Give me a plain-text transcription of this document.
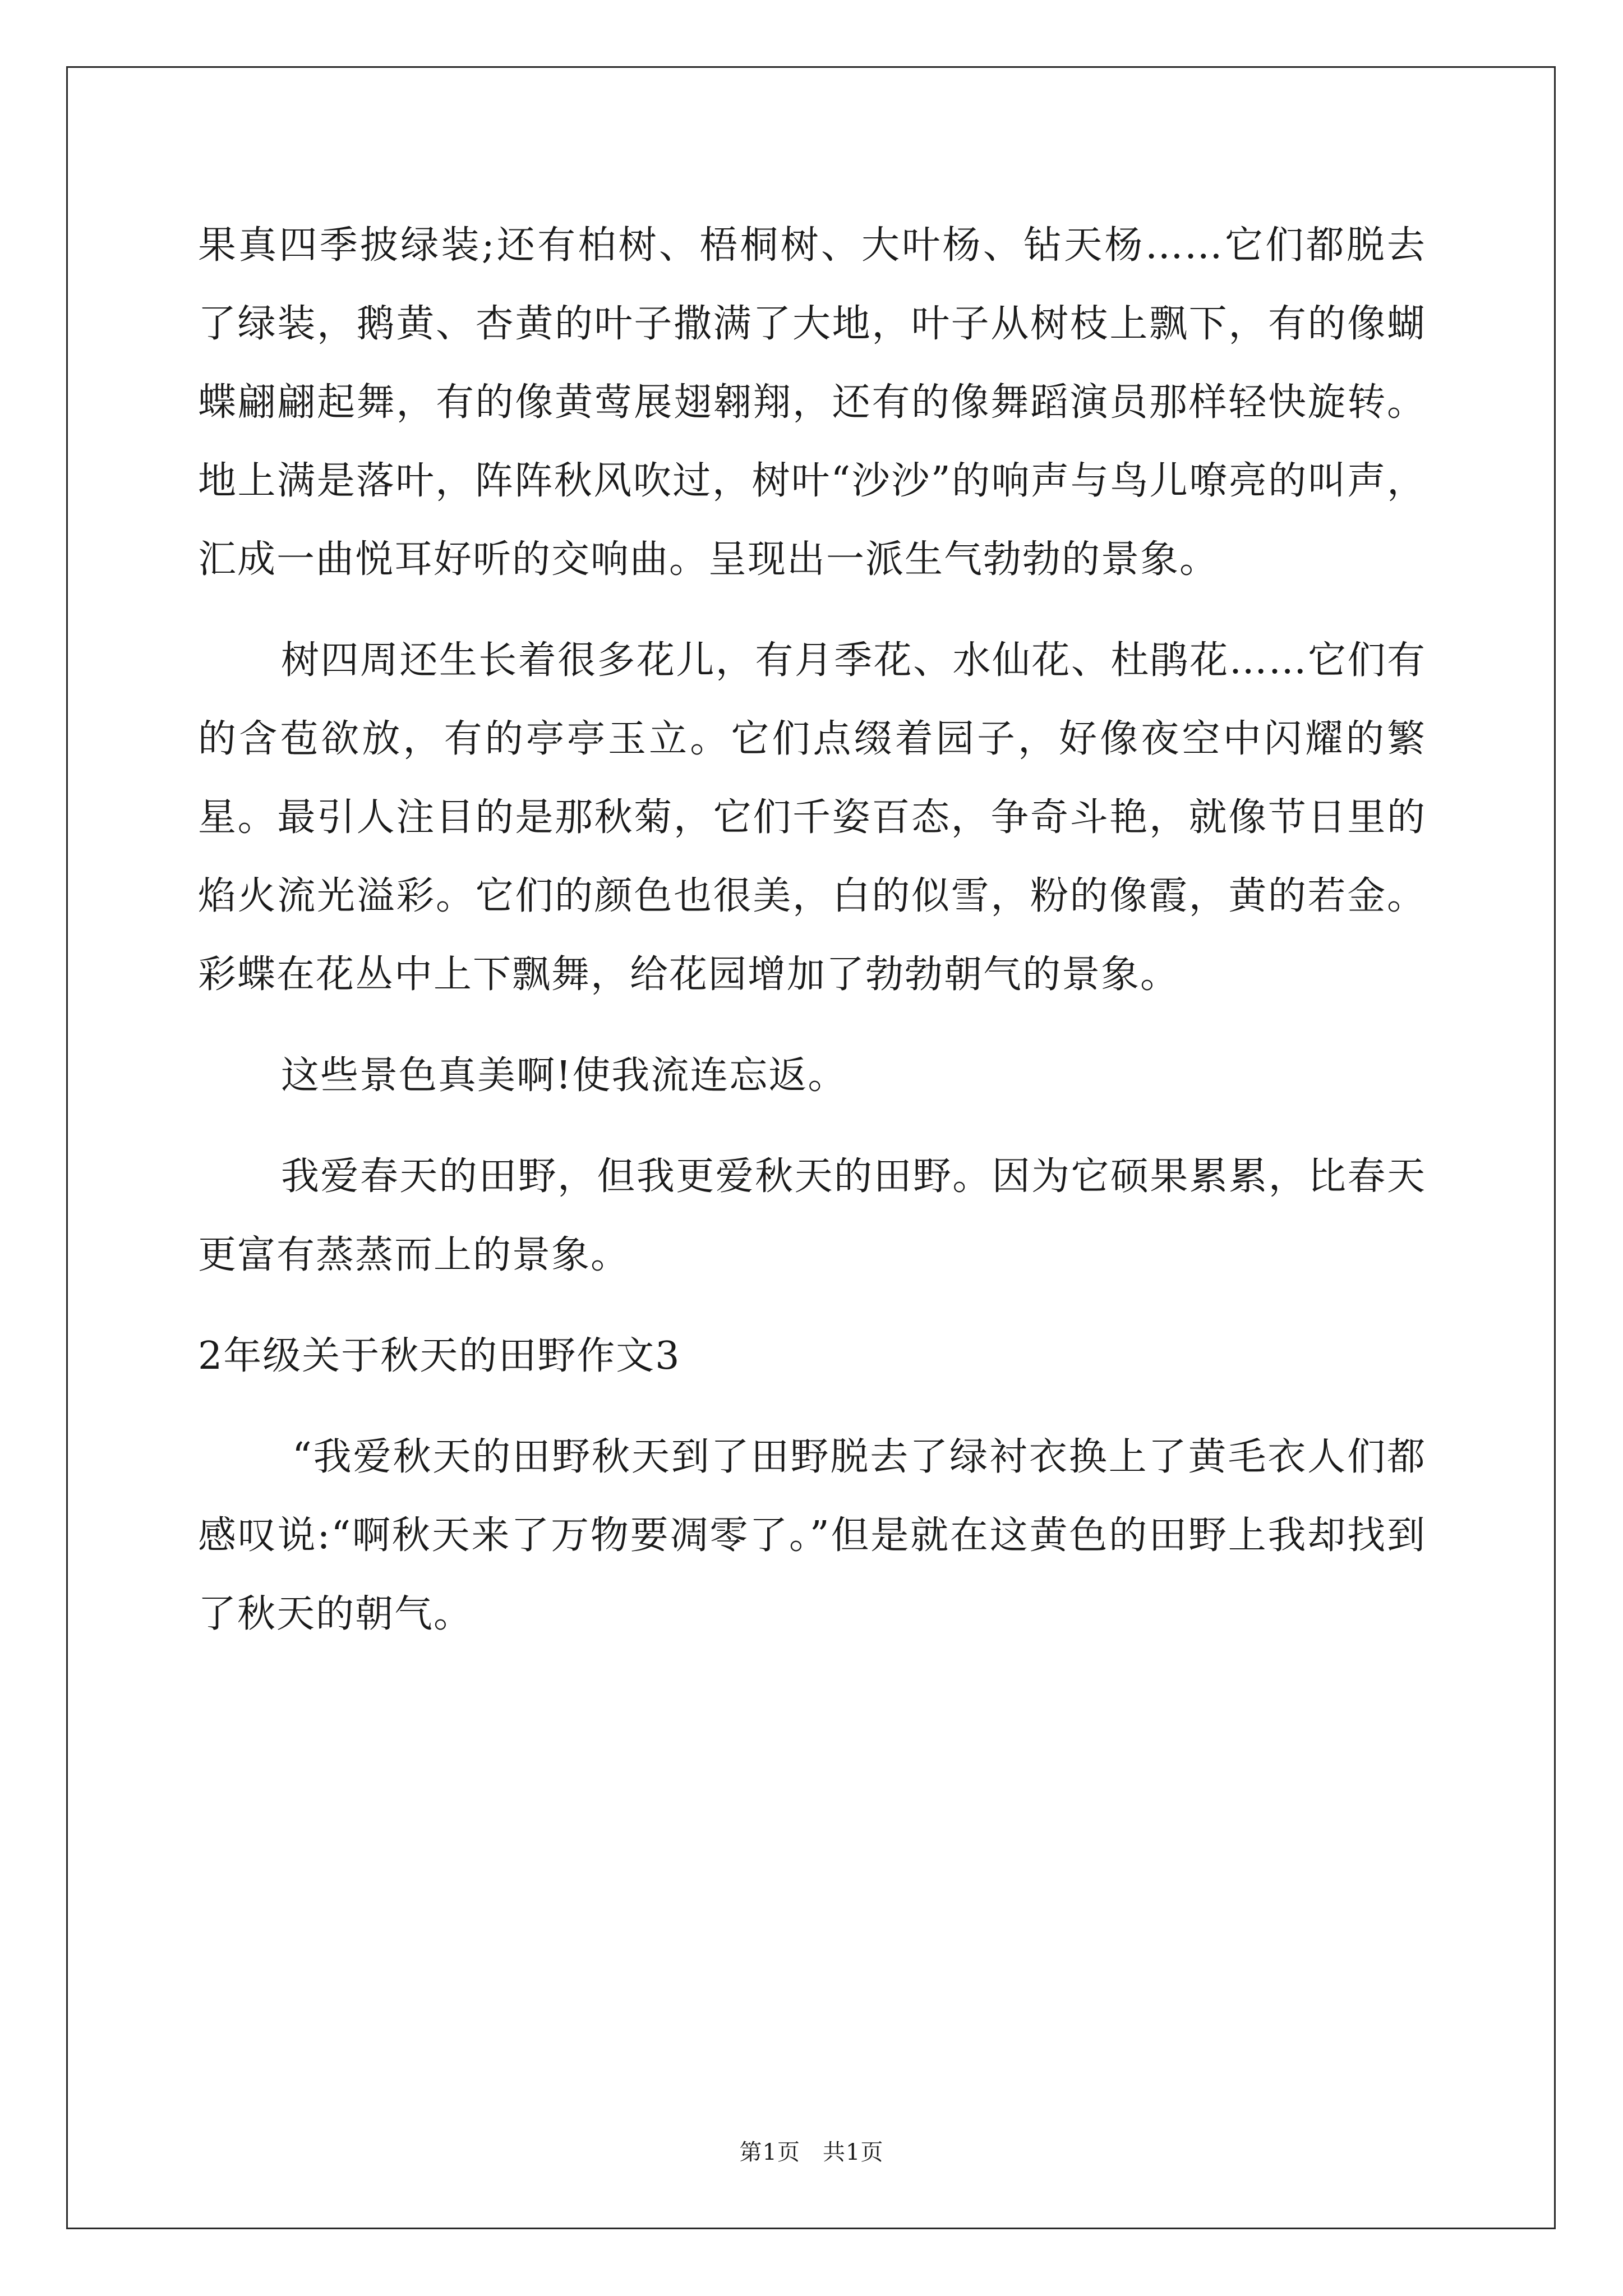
果真四季披绿装;还有柏树、梧桐树、大叶杨、钻天杨……它们都脱去了绿装，鹅黄、杏黄的叶子撒满了大地，叶子从树枝上飘下，有的像蝴蝶翩翩起舞，有的像黄莺展翅翱翔，还有的像舞蹈演员那样轻快旋转。地上满是落叶，阵阵秋风吹过，树叶“沙沙”的响声与鸟儿嘹亮的叫声，汇成一曲悦耳好听的交响曲。呈现出一派生气勃勃的景象。

树四周还生长着很多花儿，有月季花、水仙花、杜鹃花……它们有的含苞欲放，有的亭亭玉立。它们点缀着园子，好像夜空中闪耀的繁星。最引人注目的是那秋菊，它们千姿百态，争奇斗艳，就像节日里的焰火流光溢彩。它们的颜色也很美，白的似雪，粉的像霞，黄的若金。彩蝶在花丛中上下飘舞，给花园增加了勃勃朝气的景象。

这些景色真美啊!使我流连忘返。

我爱春天的田野，但我更爱秋天的田野。因为它硕果累累，比春天更富有蒸蒸而上的景象。

2年级关于秋天的田野作文3

“我爱秋天的田野秋天到了田野脱去了绿衬衣换上了黄毛衣人们都感叹说:“啊秋天来了万物要凋零了。”但是就在这黄色的田野上我却找到了秋天的朝气。

第1页 共1页
